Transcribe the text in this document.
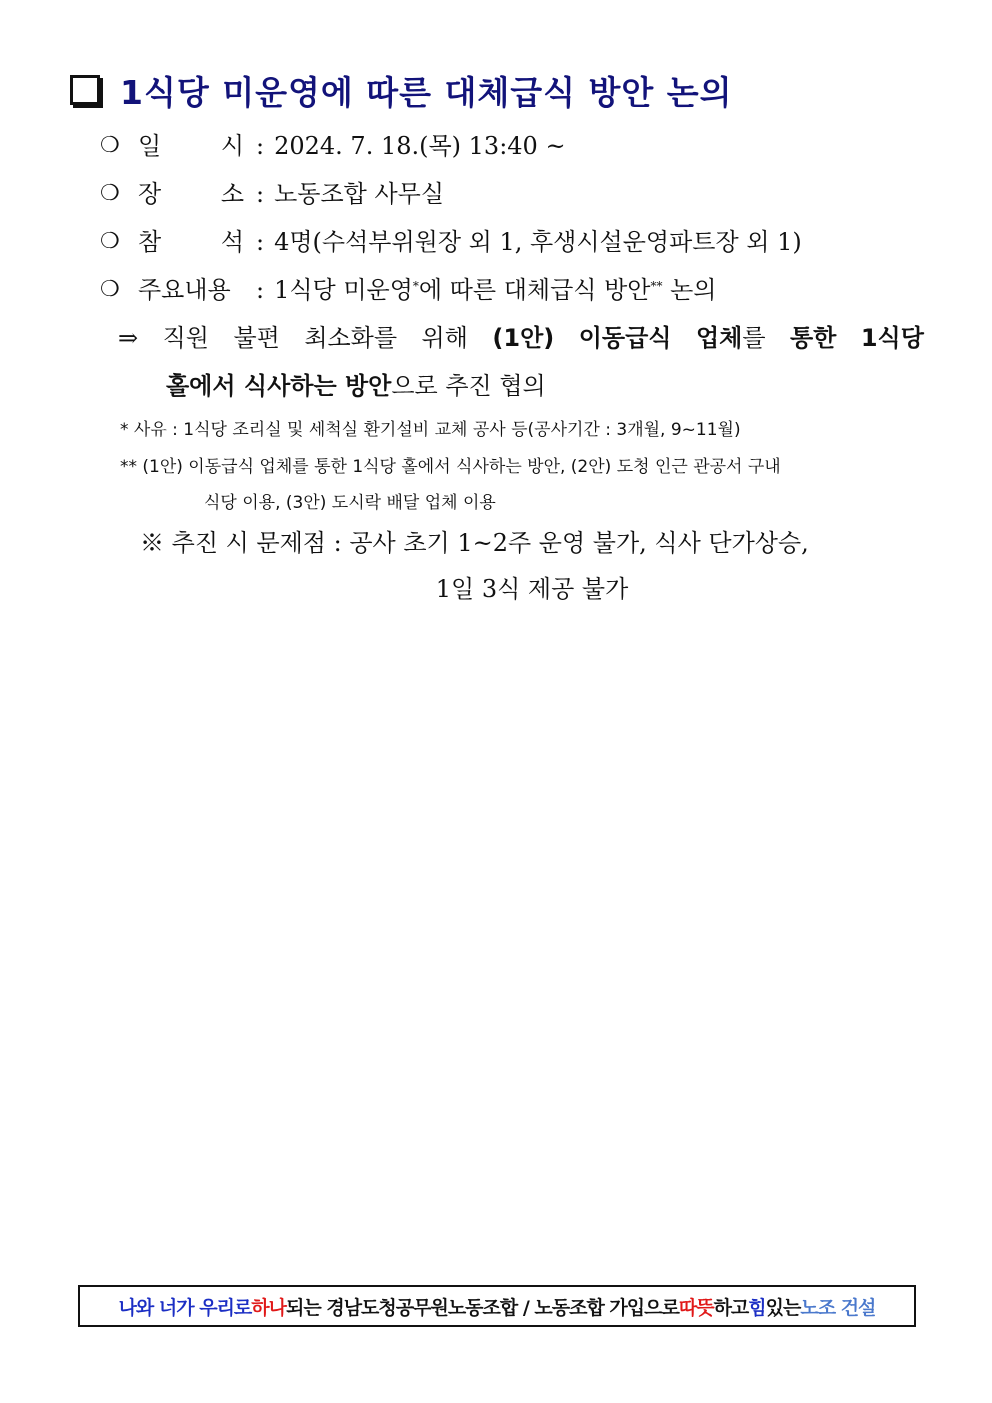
1식당 미운영에 따른 대체급식 방안 논의
❍ 일 시 : 2024. 7. 18.(목) 13:40 ~
❍ 장 소 : 노동조합 사무실
❍ 참 석 : 4명(수석부위원장 외 1, 후생시설운영파트장 외 1)
❍ 주요내용	: 1식당 미운영*에 따른 대체급식 방안** 논의
⇒ 직원 불편 최소화를 위해 (1안) 이동급식 업체를 통한 1식당
홀에서 식사하는 방안으로 추진 협의
* 사유 : 1식당 조리실 및 세척실 환기설비 교체 공사 등(공사기간 : 3개월, 9~11월)
** (1안) 이동급식 업체를 통한 1식당 홀에서 식사하는 방안, (2안) 도청 인근 관공서 구내
식당 이용, (3안) 도시락 배달 업체 이용
※ 추진 시 문제점 : 공사 초기 1~2주 운영 불가, 식사 단가상승,
1일 3식 제공 불가
나와 너가 우리로 하나 되는 경남도청공무원노동조합 / 노동조합 가입으로 따뜻 하고 힘 있는 노조 건설
